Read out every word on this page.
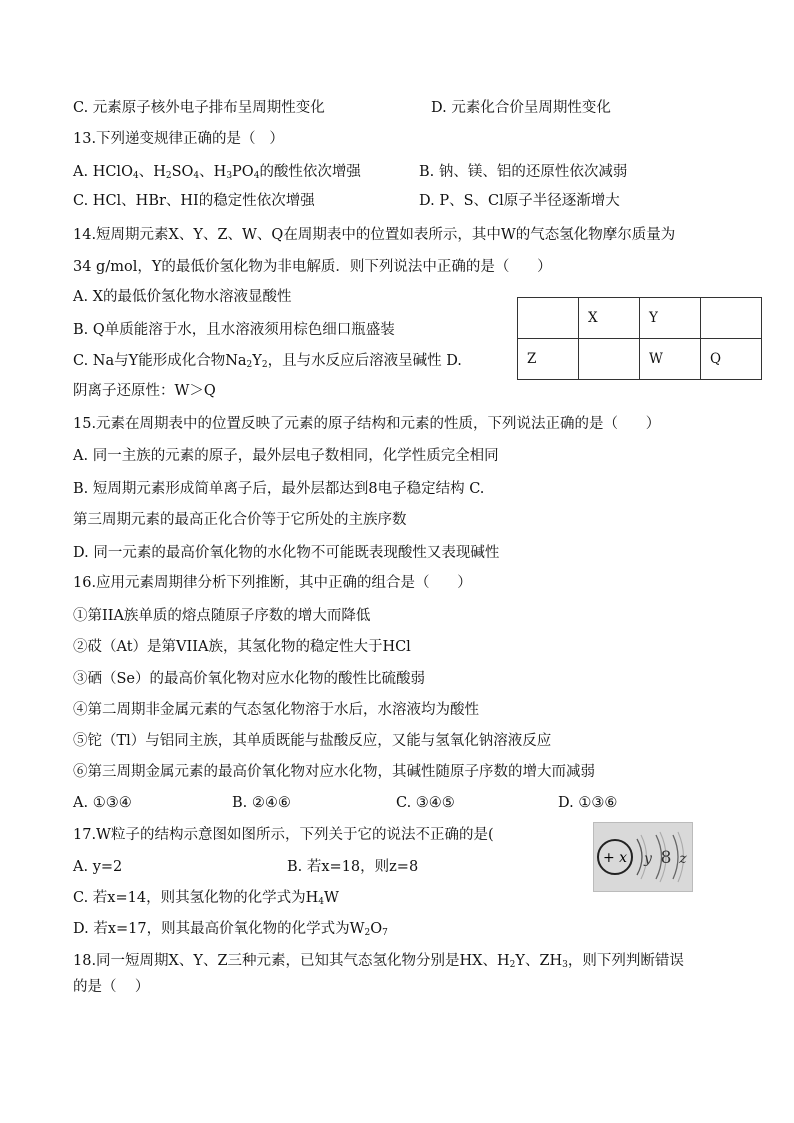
C. 元素原子核外电子排布呈周期性变化	D. 元素化合价呈周期性变化
13.下列递变规律正确的是（   ）
A. HClO$_4$、$H_2SO_4$、$H_3PO_4$的酸性依次增强	B. 钠、镁、铝的还原性依次减弱
C. HCl、HBr、HI的稳定性依次增强	D. P、S、Cl原子半径逐渐增大
14.短周期元素X、Y、Z、W、Q在周期表中的位置如表所示，其中W的气态氢化物摩尔质量为
34 g/mol，Y的最低价氢化物为非电解质．则下列说法中正确的是（      ）
A. X的最低价氢化物水溶液显酸性
B. Q单质能溶于水，且水溶液须用棕色细口瓶盛装
C. Na与Y能形成化合物$Na_2Y_2$，且与水反应后溶液呈碱性 D.
阴离子还原性：W＞Q
	X	Y	
Z		W	Q
15.元素在周期表中的位置反映了元素的原子结构和元素的性质，下列说法正确的是（      ）
A. 同一主族的元素的原子，最外层电子数相同，化学性质完全相同
B. 短周期元素形成简单离子后，最外层都达到8电子稳定结构 C.
第三周期元素的最高正化合价等于它所处的主族序数
D. 同一元素的最高价氧化物的水化物不可能既表现酸性又表现碱性
16.应用元素周期律分析下列推断，其中正确的组合是（      ）
①第IIA族单质的熔点随原子序数的增大而降低
②砹（At）是第VIIA族，其氢化物的稳定性大于HCl
③硒（Se）的最高价氧化物对应水化物的酸性比硫酸弱
④第二周期非金属元素的气态氢化物溶于水后，水溶液均为酸性
⑤铊（Tl）与铝同主族，其单质既能与盐酸反应，又能与氢氧化钠溶液反应
⑥第三周期金属元素的最高价氧化物对应水化物，其碱性随原子序数的增大而减弱
A. ①③④	B. ②④⑥	C. ③④⑤	D. ①③⑥
17.W粒子的结构示意图如图所示，下列关于它的说法不正确的是(
A. y=2	B. 若x=18，则z=8
C. 若x=14，则其氢化物的化学式为$H_4W$
D. 若x=17，则其最高价氧化物的化学式为$W_2O_7$
+ x y 8 z
18.同一短周期X、Y、Z三种元素，已知其气态氢化物分别是HX、$H_2Y$、$ZH_3$，则下列判断错误
的是（    ）
